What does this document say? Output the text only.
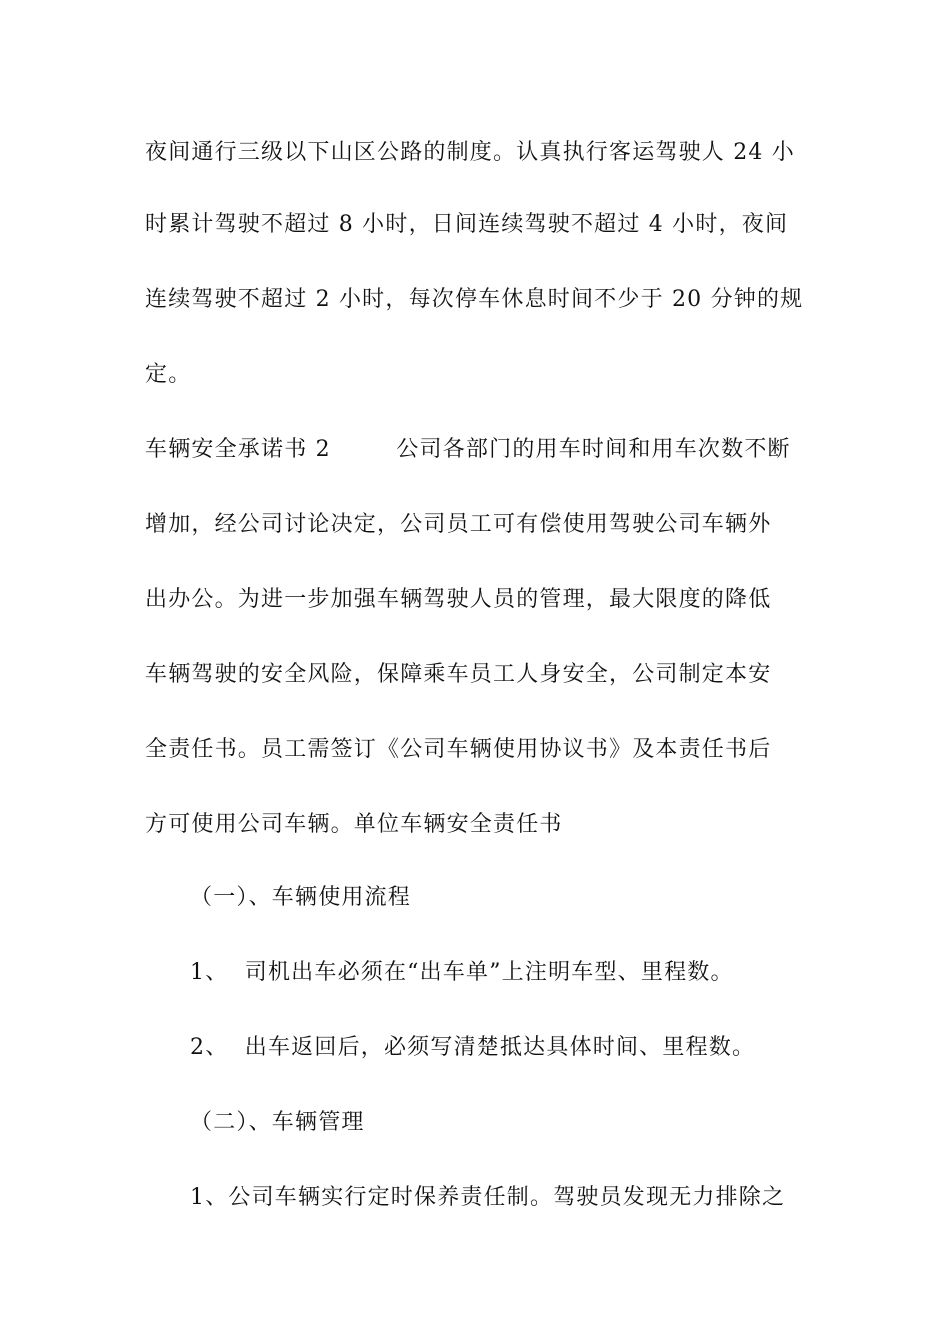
夜间通行三级以下山区公路的制度。认真执行客运驾驶人 24 小
时累计驾驶不超过 8 小时，日间连续驾驶不超过 4 小时，夜间
连续驾驶不超过 2 小时，每次停车休息时间不少于 20 分钟的规
定。
车辆安全承诺书 2        公司各部门的用车时间和用车次数不断
增加，经公司讨论决定，公司员工可有偿使用驾驶公司车辆外
出办公。为进一步加强车辆驾驶人员的管理，最大限度的降低
车辆驾驶的安全风险，保障乘车员工人身安全，公司制定本安
全责任书。员工需签订《公司车辆使用协议书》及本责任书后
方可使用公司车辆。单位车辆安全责任书
（一）、车辆使用流程
1、  司机出车必须在“出车单”上注明车型、里程数。
2、  出车返回后，必须写清楚抵达具体时间、里程数。
（二）、车辆管理
1、公司车辆实行定时保养责任制。驾驶员发现无力排除之
